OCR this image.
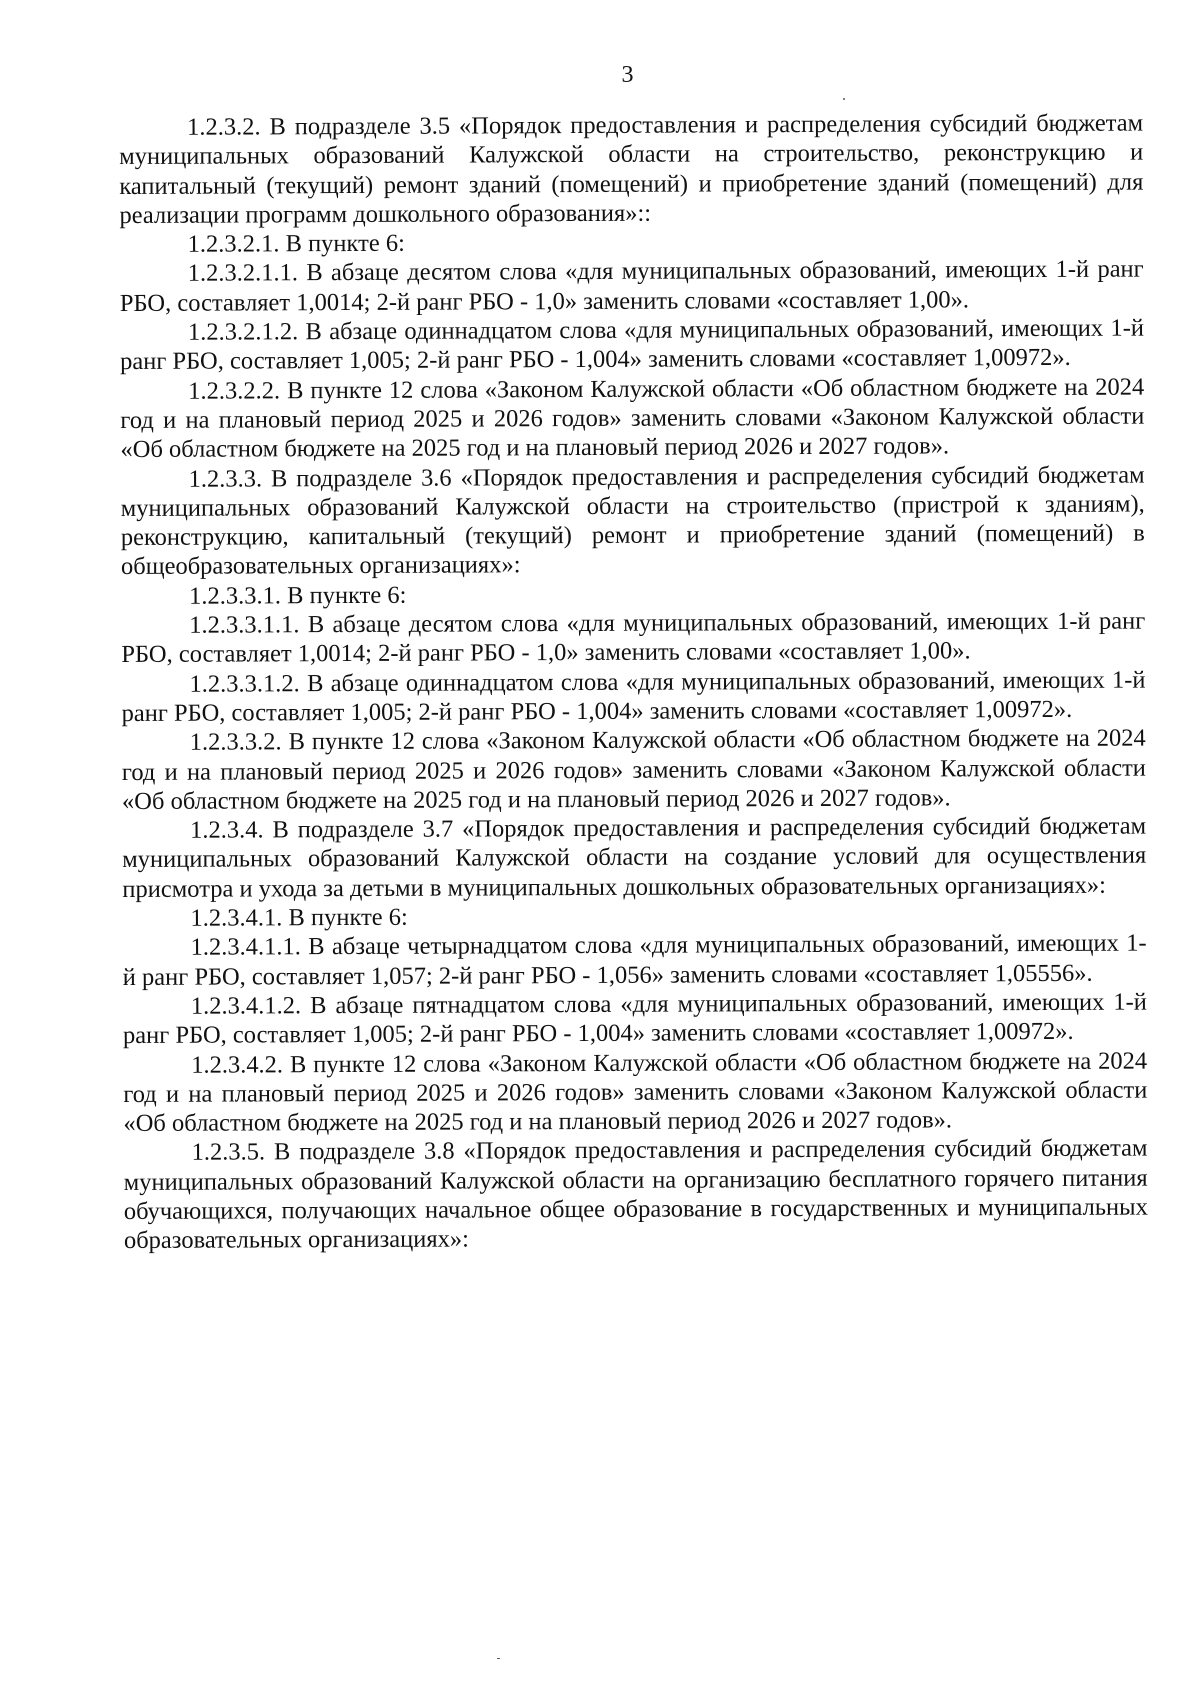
3

1.2.3.2. В подразделе 3.5 «Порядок предоставления и распределения субсидий бюджетам муниципальных образований Калужской области на строительство, реконструкцию и капитальный (текущий) ремонт зданий (помещений) и приобретение зданий (помещений) для реализации программ дошкольного образования»::

1.2.3.2.1. В пункте 6:

1.2.3.2.1.1. В абзаце десятом слова «для муниципальных образований, имеющих 1-й ранг РБО, составляет 1,0014; 2-й ранг РБО - 1,0» заменить словами «составляет 1,00».

1.2.3.2.1.2. В абзаце одиннадцатом слова «для муниципальных образований, имеющих 1-й ранг РБО, составляет 1,005; 2-й ранг РБО - 1,004» заменить словами «составляет 1,00972».

1.2.3.2.2. В пункте 12 слова «Законом Калужской области «Об областном бюджете на 2024 год и на плановый период 2025 и 2026 годов» заменить словами «Законом Калужской области «Об областном бюджете на 2025 год и на плановый период 2026 и 2027 годов».

1.2.3.3. В подразделе 3.6 «Порядок предоставления и распределения субсидий бюджетам муниципальных образований Калужской области на строительство (пристрой к зданиям), реконструкцию, капитальный (текущий) ремонт и приобретение зданий (помещений) в общеобразовательных организациях»:

1.2.3.3.1. В пункте 6:

1.2.3.3.1.1. В абзаце десятом слова «для муниципальных образований, имеющих 1-й ранг РБО, составляет 1,0014; 2-й ранг РБО - 1,0» заменить словами «составляет 1,00».

1.2.3.3.1.2. В абзаце одиннадцатом слова «для муниципальных образований, имеющих 1-й ранг РБО, составляет 1,005; 2-й ранг РБО - 1,004» заменить словами «составляет 1,00972».

1.2.3.3.2. В пункте 12 слова «Законом Калужской области «Об областном бюджете на 2024 год и на плановый период 2025 и 2026 годов» заменить словами «Законом Калужской области «Об областном бюджете на 2025 год и на плановый период 2026 и 2027 годов».

1.2.3.4. В подразделе 3.7 «Порядок предоставления и распределения субсидий бюджетам муниципальных образований Калужской области на создание условий для осуществления присмотра и ухода за детьми в муниципальных дошкольных образовательных организациях»:

1.2.3.4.1. В пункте 6:

1.2.3.4.1.1. В абзаце четырнадцатом слова «для муниципальных образований, имеющих 1-й ранг РБО, составляет 1,057; 2-й ранг РБО - 1,056» заменить словами «составляет 1,05556».

1.2.3.4.1.2. В абзаце пятнадцатом слова «для муниципальных образований, имеющих 1-й ранг РБО, составляет 1,005; 2-й ранг РБО - 1,004» заменить словами «составляет 1,00972».

1.2.3.4.2. В пункте 12 слова «Законом Калужской области «Об областном бюджете на 2024 год и на плановый период 2025 и 2026 годов» заменить словами «Законом Калужской области «Об областном бюджете на 2025 год и на плановый период 2026 и 2027 годов».

1.2.3.5. В подразделе 3.8 «Порядок предоставления и распределения субсидий бюджетам муниципальных образований Калужской области на организацию бесплатного горячего питания обучающихся, получающих начальное общее образование в государственных и муниципальных образовательных организациях»:
